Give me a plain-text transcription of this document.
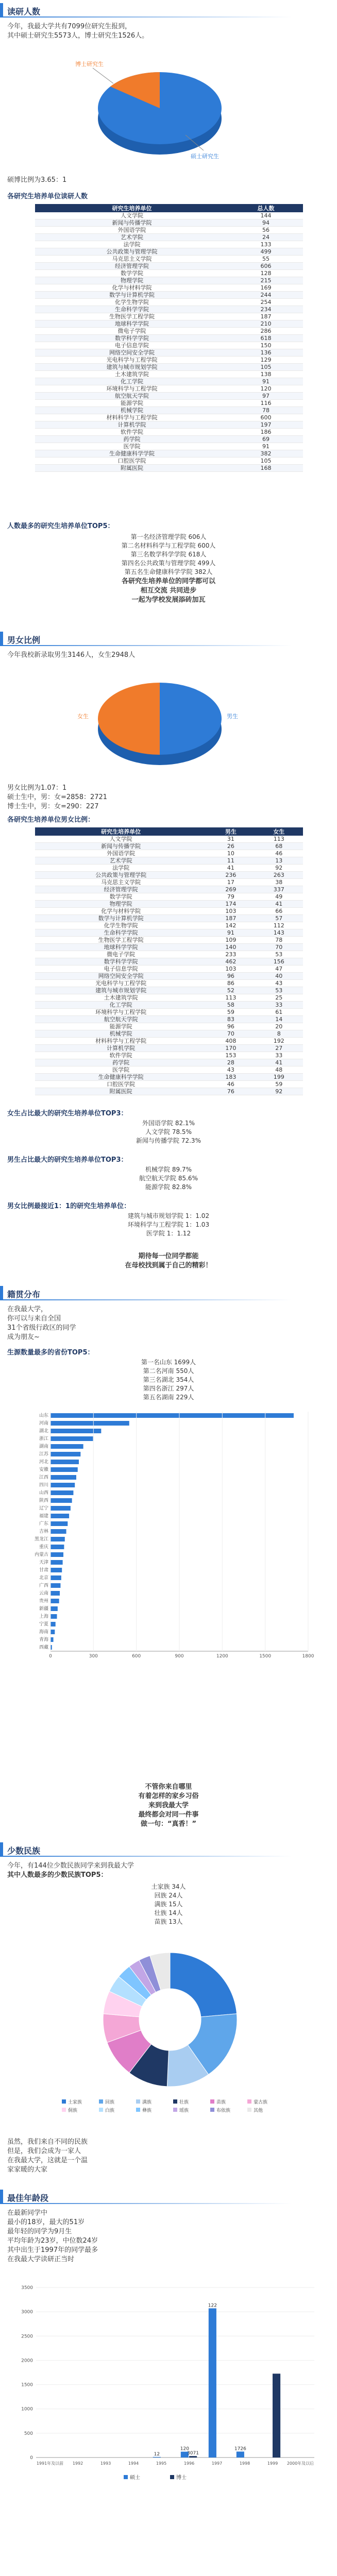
读研人数

今年，我最大学共有7099位研究生报到，

其中硕士研究生5573人，博士研究生1526人。

博士研究生
硕士研究生

硕博比例为3.65：1

各研究生培养单位读研人数

研究生培养单位	总人数
人文学院	144
新闻与传播学院	94
外国语学院	56
艺术学院	24
法学院	133
公共政策与管理学院	499
马克思主义学院	55
经济管理学院	606
数学学院	128
物理学院	215
化学与材料学院	169
数学与计算机学院	244
化学生物学院	254
生命科学学院	234
生物医学工程学院	187
地球科学学院	210
微电子学院	286
数学科学学院	618
电子信息学院	150
网络空间安全学院	136
光电科学与工程学院	129
建筑与城市规划学院	105
土木建筑学院	138
化工学院	91
环境科学与工程学院	120
航空航天学院	97
能源学院	116
机械学院	78
材料科学与工程学院	600
计算机学院	197
软件学院	186
药学院	69
医学院	91
生命健康科学学院	382
口腔医学院	105
附属医院	168

人数最多的研究生培养单位TOP5：

第一名经济管理学院 606人

第二名材料科学与工程学院 600人

第三名数学科学学院 618人

第四名公共政策与管理学院 499人

第五名生命健康科学学院 382人

各研究生培养单位的同学都可以

相互交流 共同进步

一起为学校发展添砖加瓦

男女比例

今年我校新录取男生3146人，女生2948人

女生	男生

男女比例为1.07：1

硕士生中，男：女=2858：2721

博士生中，男：女=290：227

各研究生培养单位男女比例：

研究生培养单位	男生	女生
人文学院	31	113
新闻与传播学院	26	68
外国语学院	10	46
艺术学院	11	13
法学院	41	92
公共政策与管理学院	236	263
马克思主义学院	17	38
经济管理学院	269	337
数学学院	79	49
物理学院	174	41
化学与材料学院	103	66
数学与计算机学院	187	57
化学生物学院	142	112
生命科学学院	91	143
生物医学工程学院	109	78
地球科学学院	140	70
微电子学院	233	53
数学科学学院	462	156
电子信息学院	103	47
网络空间安全学院	96	40
光电科学与工程学院	86	43
建筑与城市规划学院	52	53
土木建筑学院	113	25
化工学院	58	33
环境科学与工程学院	59	61
航空航天学院	83	14
能源学院	96	20
机械学院	70	8
材料科学与工程学院	408	192
计算机学院	170	27
软件学院	153	33
药学院	28	41
医学院	43	48
生命健康科学学院	183	199
口腔医学院	46	59
附属医院	76	92

女生占比最大的研究生培养单位TOP3：

外国语学院 82.1%

人文学院 78.5%

新闻与传播学院 72.3%

男生占比最大的研究生培养单位TOP3：

机械学院 89.7%

航空航天学院 85.6%

能源学院 82.8%

男女比例最接近1：1的研究生培养单位：

建筑与城市规划学院 1：1.02

环境科学与工程学院 1：1.03

医学院 1：1.12

期待每一位同学都能

在母校找到属于自己的精彩！

籍贯分布

在我最大学，

你可以与来自全国

31个省级行政区的同学

成为朋友~

生源数量最多的省份TOP5：

第一名山东 1699人

第二名河南 550人

第三名湖北 354人

第四名浙江 297人

第五名湖南 229人

山东
河南
湖北
浙江
湖南
江苏
河北
安徽
江西
四川
山西
陕西
辽宁
福建
广东
吉林
黑龙江
重庆
内蒙古
天津
甘肃
北京
广西
云南
贵州
新疆
上海
宁夏
海南
青海
西藏
0	300	600	900	1200	1500	1800

不管你来自哪里

有着怎样的家乡习俗

来到我最大学

最终都会对同一件事

做一句：“真香！”

少数民族

今年，有144位少数民族同学来到我最大学

其中人数最多的少数民族TOP5：

土家族 34人

回族 24人

满族 15人

壮族 14人

苗族 13人

土家族	回族	满族	壮族	苗族	蒙古族
侗族	白族	彝族	瑶族	布依族	其他

虽然，我们来自不同的民族

但是，我们会成为一家人

在我最大学，这就是一个温

家家暖的大家

最佳年龄段

在最新同学中

最小的18岁，最大的51岁

最年轻的同学为9月生

平均年龄为23岁，中位数24岁

其中出生于1997年的同学最多

在我最大学读研正当时

0
500
1000
1500
2000
2500
3000
3500
1991年及以前 1992	1993	1994
12
1995
120
3071
1996
122
1997
1726
1998	1999 2000年及以后
硕士	博士
